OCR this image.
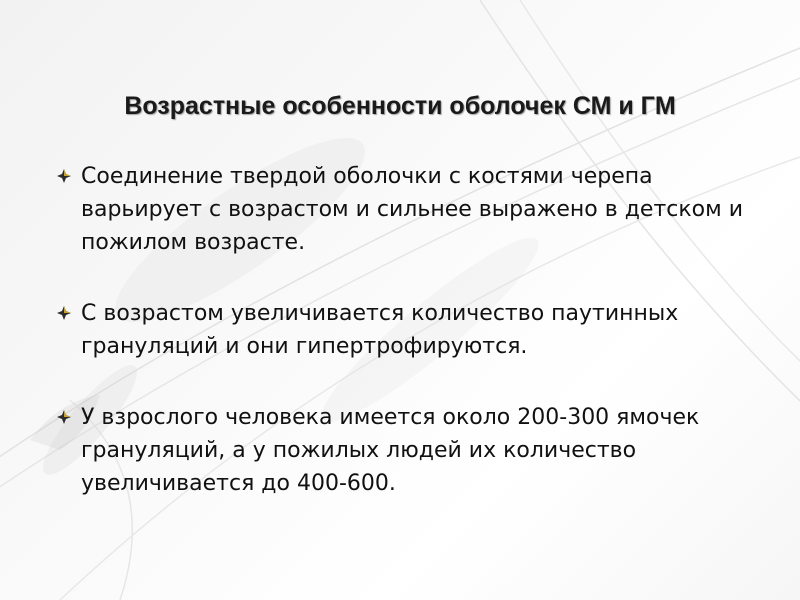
Возрастные особенности оболочек СМ и ГМ
Соединение твердой оболочки с костями черепа варьирует с возрастом и сильнее выражено в детском и пожилом возрасте.
С возрастом увеличивается количество паутинных грануляций и они гипертрофируются.
У взрослого человека имеется около 200-300 ямочек грануляций, а у пожилых людей их количество увеличивается до 400-600.
